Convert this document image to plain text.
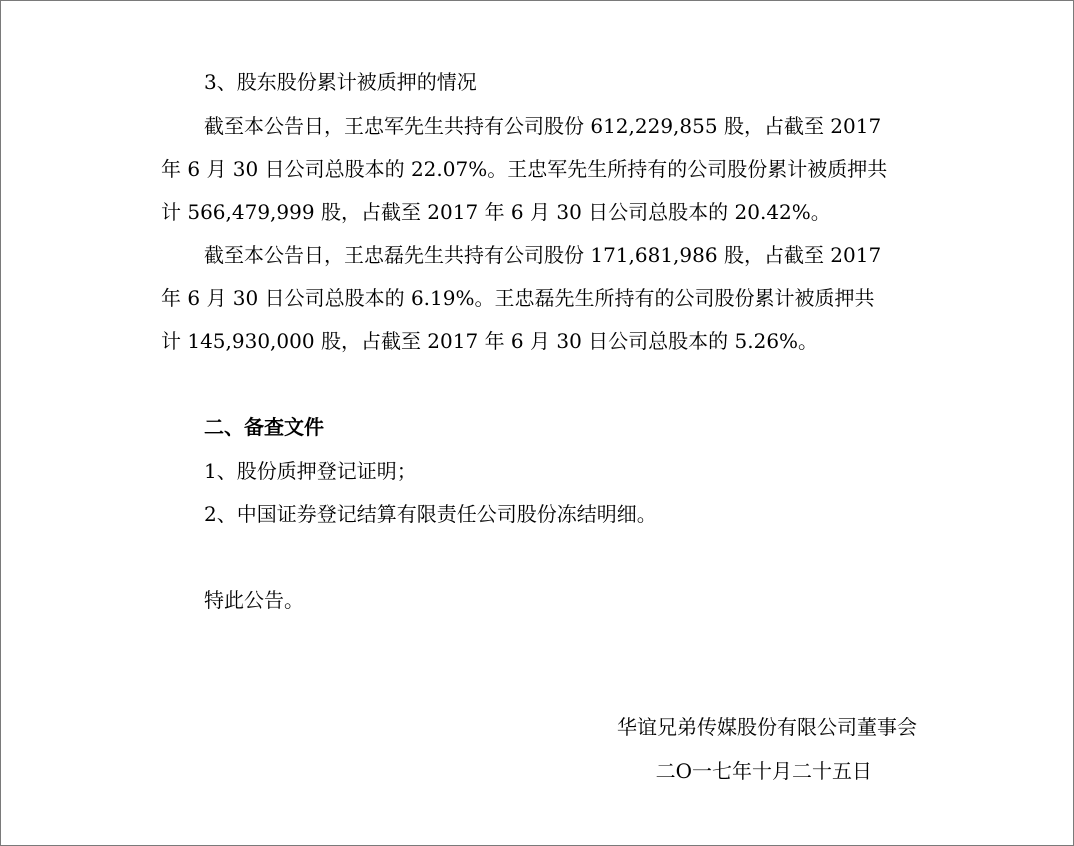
3、股东股份累计被质押的情况
截至本公告日，王忠军先生共持有公司股份 612,229,855 股，占截至 2017
年 6 月 30 日公司总股本的 22.07%。王忠军先生所持有的公司股份累计被质押共
计 566,479,999 股，占截至 2017 年 6 月 30 日公司总股本的 20.42%。
截至本公告日，王忠磊先生共持有公司股份 171,681,986 股，占截至 2017
年 6 月 30 日公司总股本的 6.19%。王忠磊先生所持有的公司股份累计被质押共
计 145,930,000 股，占截至 2017 年 6 月 30 日公司总股本的 5.26%。
二、备查文件
1、股份质押登记证明；
2、中国证券登记结算有限责任公司股份冻结明细。
特此公告。
华谊兄弟传媒股份有限公司董事会
二O一七年十月二十五日
